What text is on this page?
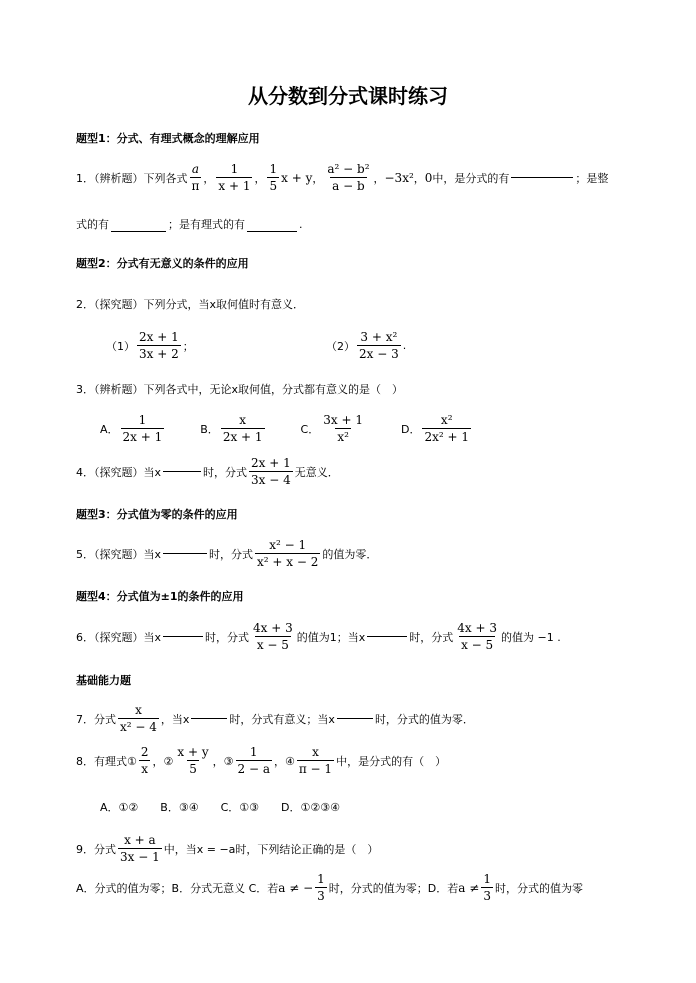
从分数到分式课时练习
题型1：分式、有理式概念的理解应用
1．（辨析题）下列各式 $\frac{a}{\pi}$ ， $\frac{1}{x + 1}$ ， $\frac{1}{5}$ x + y ， $\frac{\text{a² − b²}}{a - b}$ ， −3x² ， 0 中，是分式的有	；是整
式的有	；是有理式的有	.
题型2：分式有无意义的条件的应用
2．（探究题）下列分式，当x取何值时有意义．
$(1) \frac{2x + 1}{3x + 2}$ ；	$(2) \frac{\text{3 + x²}}{2x - 3}$ .
3．（辨析题）下列各式中，无论x取何值，分式都有意义的是（　）
A． $\frac{1}{2x + 1}$	B． $\frac{x}{2x + 1}$	C． $\frac{3x + 1}{\text{x²}}$	D． $\frac{\text{x²}}{\text{2x² + 1}}$
4．（探究题）当x	时，分式 $\frac{2x + 1}{3x - 4}$ 无意义．
题型3：分式值为零的条件的应用
5．（探究题）当x	时，分式 $\frac{\text{x² − 1}}{\text{x² + x − 2}}$ 的值为零．
题型4：分式值为±1的条件的应用
6．（探究题）当x	时，分式 $\frac{4x + 3}{x - 5}$ 的值为1；当x	时，分式 $\frac{4x + 3}{x - 5}$ 的值为 −1 .
基础能力题
7．分式 $\frac{x}{\text{x² − 4}}$ ，当x	时，分式有意义；当x	时，分式的值为零．
8．有理式① $\frac{2}{x}$ ，② $\frac{x + y}{5}$ ，③ $\frac{1}{2 - a}$ ，④ $\frac{x}{\pi - 1}$ 中，是分式的有（　）
A． ①② B． ③④ C． ①③ D． ①②③④
9．分式 $\frac{x + a}{3x - 1}$ 中，当x = −a时，下列结论正确的是（　）
A．分式的值为零；B．分式无意义 C．若 a ≠ − $\frac{1}{3}$ 时，分式的值为零；D．若 $a \ne \frac{1}{3}$ 时，分式的值为零
